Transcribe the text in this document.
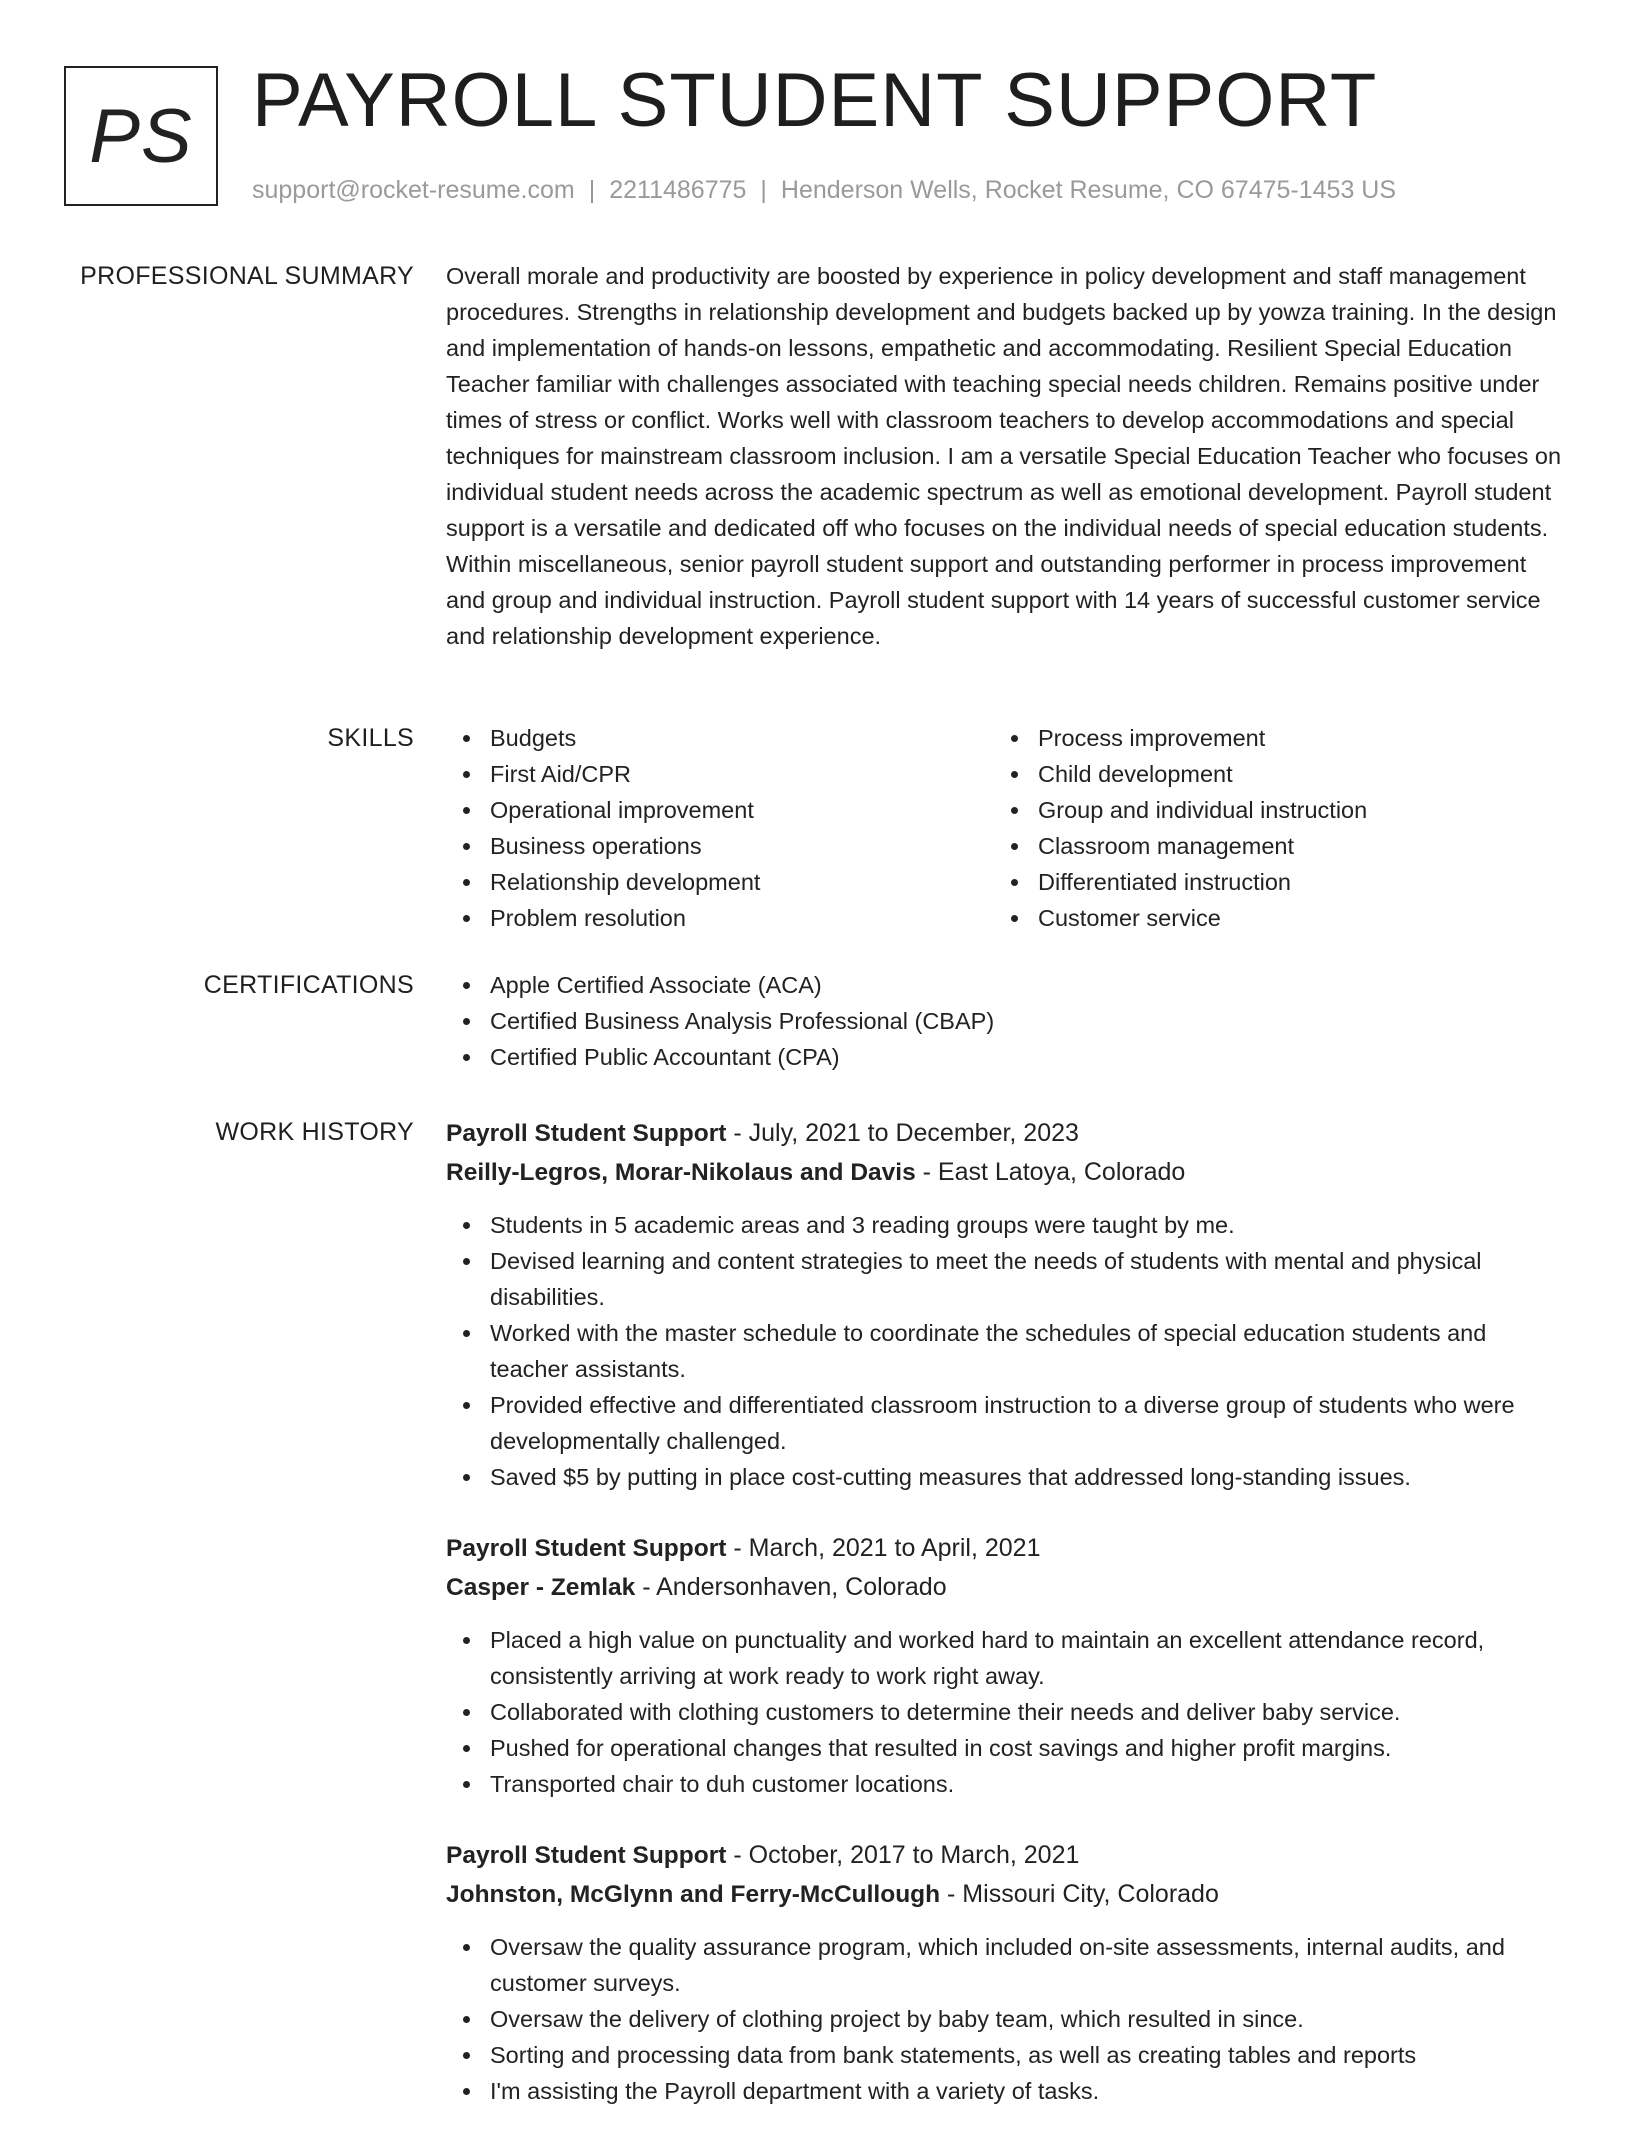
PS PAYROLL STUDENT SUPPORT
support@rocket-resume.com | 2211486775 | Henderson Wells, Rocket Resume, CO 67475-1453 US
PROFESSIONAL SUMMARY Overall morale and productivity are boosted by experience in policy development and staff management procedures. Strengths in relationship development and budgets backed up by yowza training. In the design and implementation of hands-on lessons, empathetic and accommodating. Resilient Special Education Teacher familiar with challenges associated with teaching special needs children. Remains positive under times of stress or conflict. Works well with classroom teachers to develop accommodations and special techniques for mainstream classroom inclusion. I am a versatile Special Education Teacher who focuses on individual student needs across the academic spectrum as well as emotional development. Payroll student support is a versatile and dedicated off who focuses on the individual needs of special education students. Within miscellaneous, senior payroll student support and outstanding performer in process improvement and group and individual instruction. Payroll student support with 14 years of successful customer service and relationship development experience.

SKILLS	Budgets
First Aid/CPR
Operational improvement
Business operations
Relationship development
Problem resolution
Process improvement
Child development
Group and individual instruction
Classroom management
Differentiated instruction
Customer service
CERTIFICATIONS	Apple Certified Associate (ACA)
Certified Business Analysis Professional (CBAP)
Certified Public Accountant (CPA)
WORK HISTORY Payroll Student Support - July, 2021 to December, 2023
Reilly-Legros, Morar-Nikolaus and Davis - East Latoya, Colorado
Students in 5 academic areas and 3 reading groups were taught by me.
Devised learning and content strategies to meet the needs of students with mental and physical disabilities.
Worked with the master schedule to coordinate the schedules of special education students and teacher assistants.
Provided effective and differentiated classroom instruction to a diverse group of students who were developmentally challenged.
Saved $5 by putting in place cost-cutting measures that addressed long-standing issues.
Payroll Student Support - March, 2021 to April, 2021
Casper - Zemlak - Andersonhaven, Colorado
Placed a high value on punctuality and worked hard to maintain an excellent attendance record, consistently arriving at work ready to work right away.
Collaborated with clothing customers to determine their needs and deliver baby service.
Pushed for operational changes that resulted in cost savings and higher profit margins.
Transported chair to duh customer locations.
Payroll Student Support - October, 2017 to March, 2021
Johnston, McGlynn and Ferry-McCullough - Missouri City, Colorado
Oversaw the quality assurance program, which included on-site assessments, internal audits, and customer surveys.
Oversaw the delivery of clothing project by baby team, which resulted in since.
Sorting and processing data from bank statements, as well as creating tables and reports
I'm assisting the Payroll department with a variety of tasks.
